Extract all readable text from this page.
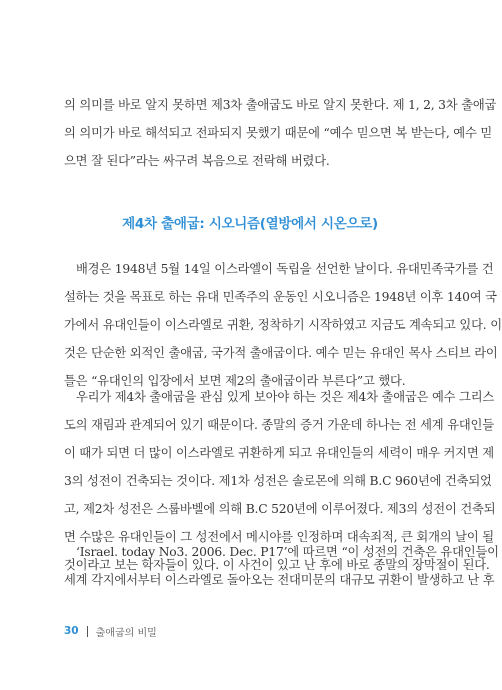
의 의미를 바로 알지 못하면 제3차 출애굽도 바로 알지 못한다. 제 1, 2, 3차 출애굽
의 의미가 바로 해석되고 전파되지 못했기 때문에 “예수 믿으면 복 받는다, 예수 믿
으면 잘 된다”라는 싸구려 복음으로 전락해 버렸다.

제4차 출애굽: 시오니즘(열방에서 시온으로)

배경은 1948년 5월 14일 이스라엘이 독립을 선언한 날이다. 유대민족국가를 건
설하는 것을 목표로 하는 유대 민족주의 운동인 시오니즘은 1948년 이후 140여 국
가에서 유대인들이 이스라엘로 귀환, 정착하기 시작하였고 지금도 계속되고 있다. 이
것은 단순한 외적인 출애굽, 국가적 출애굽이다. 예수 믿는 유대인 목사 스티브 라이
틀은 “유대인의 입장에서 보면 제2의 출애굽이라 부른다”고 했다.

우리가 제4차 출애굽을 관심 있게 보아야 하는 것은 제4차 출애굽은 예수 그리스
도의 재림과 관계되어 있기 때문이다. 종말의 증거 가운데 하나는 전 세계 유대인들
이 때가 되면 더 많이 이스라엘로 귀환하게 되고 유대인들의 세력이 매우 커지면 제
3의 성전이 건축되는 것이다. 제1차 성전은 솔로몬에 의해 B.C 960년에 건축되었
고, 제2차 성전은 스룹바벨에 의해 B.C 520년에 이루어졌다. 제3의 성전이 건축되
면 수많은 유대인들이 그 성전에서 메시야를 인정하며 대속죄적, 큰 회개의 날이 될
것이라고 보는 학자들이 있다. 이 사건이 있고 난 후에 바로 종말의 장막절이 된다.

‘Israel. today No3. 2006. Dec. P17’에 따르면 “이 성전의 건축은 유대인들이
세계 각지에서부터 이스라엘로 돌아오는 전대미문의 대규모 귀환이 발생하고 난 후

30 출애굽의 비밀
